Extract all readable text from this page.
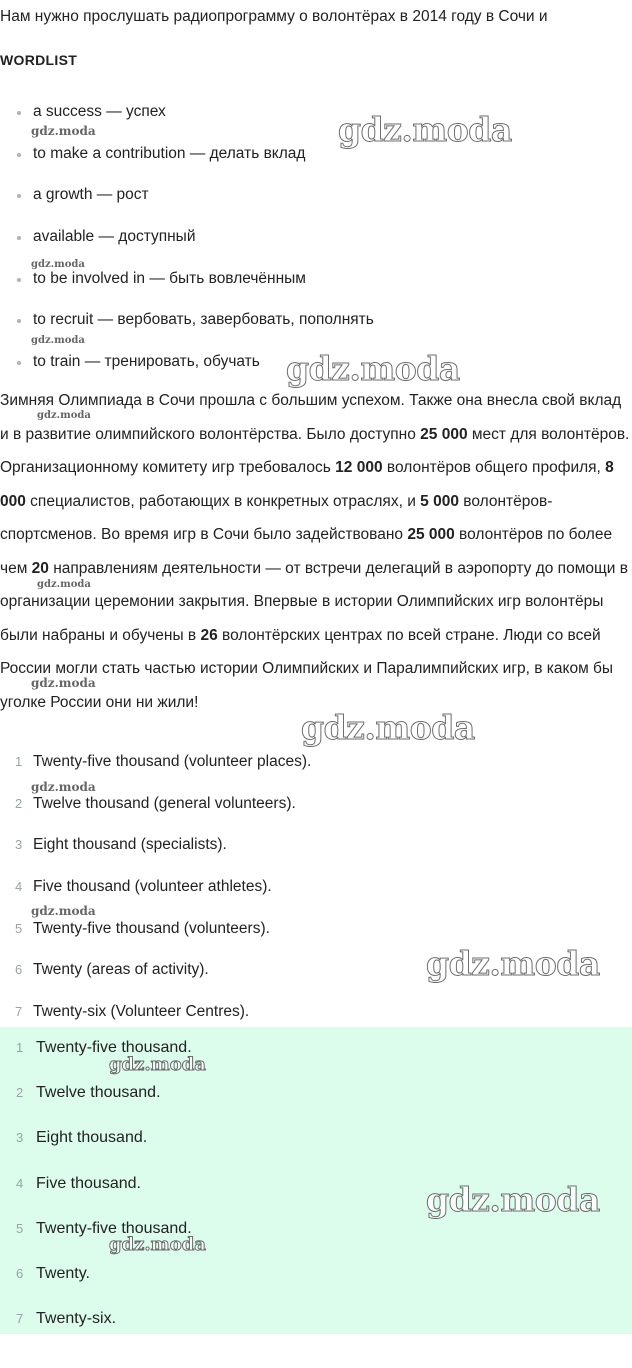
Нам нужно прослушать радиопрограмму о волонтёрах в 2014 году в Сочи и
WORDLIST
a success — успех
to make a contribution — делать вклад
a growth — рост
available — доступный
to be involved in — быть вовлечённым
to recruit — вербовать, завербовать, пополнять
to train — тренировать, обучать
Зимняя Олимпиада в Сочи прошла с большим успехом. Также она внесла свой вклад и в развитие олимпийского волонтёрства. Было доступно 25 000 мест для волонтёров. Организационному комитету игр требовалось 12 000 волонтёров общего профиля, 8 000 специалистов, работающих в конкретных отраслях, и 5 000 волонтёров-спортсменов. Во время игр в Сочи было задействовано 25 000 волонтёров по более чем 20 направлениям деятельности — от встречи делегаций в аэропорту до помощи в организации церемонии закрытия. Впервые в истории Олимпийских игр волонтёры были набраны и обучены в 26 волонтёрских центрах по всей стране. Люди со всей России могли стать частью истории Олимпийских и Паралимпийских игр, в каком бы уголке России они ни жили!
1 Twenty-five thousand (volunteer places).
2 Twelve thousand (general volunteers).
3 Eight thousand (specialists).
4 Five thousand (volunteer athletes).
5 Twenty-five thousand (volunteers).
6 Twenty (areas of activity).
7 Twenty-six (Volunteer Centres).
1 Twenty-five thousand.
2 Twelve thousand.
3 Eight thousand.
4 Five thousand.
5 Twenty-five thousand.
6 Twenty.
7 Twenty-six.
gdz.moda	gdz.moda
gdz.moda
gdz.moda
gdz.moda
gdz.moda
gdz.moda
gdz.moda
gdz.moda
gdz.moda
gdz.moda
gdz.moda
gdz.moda
gdz.moda
gdz.moda
